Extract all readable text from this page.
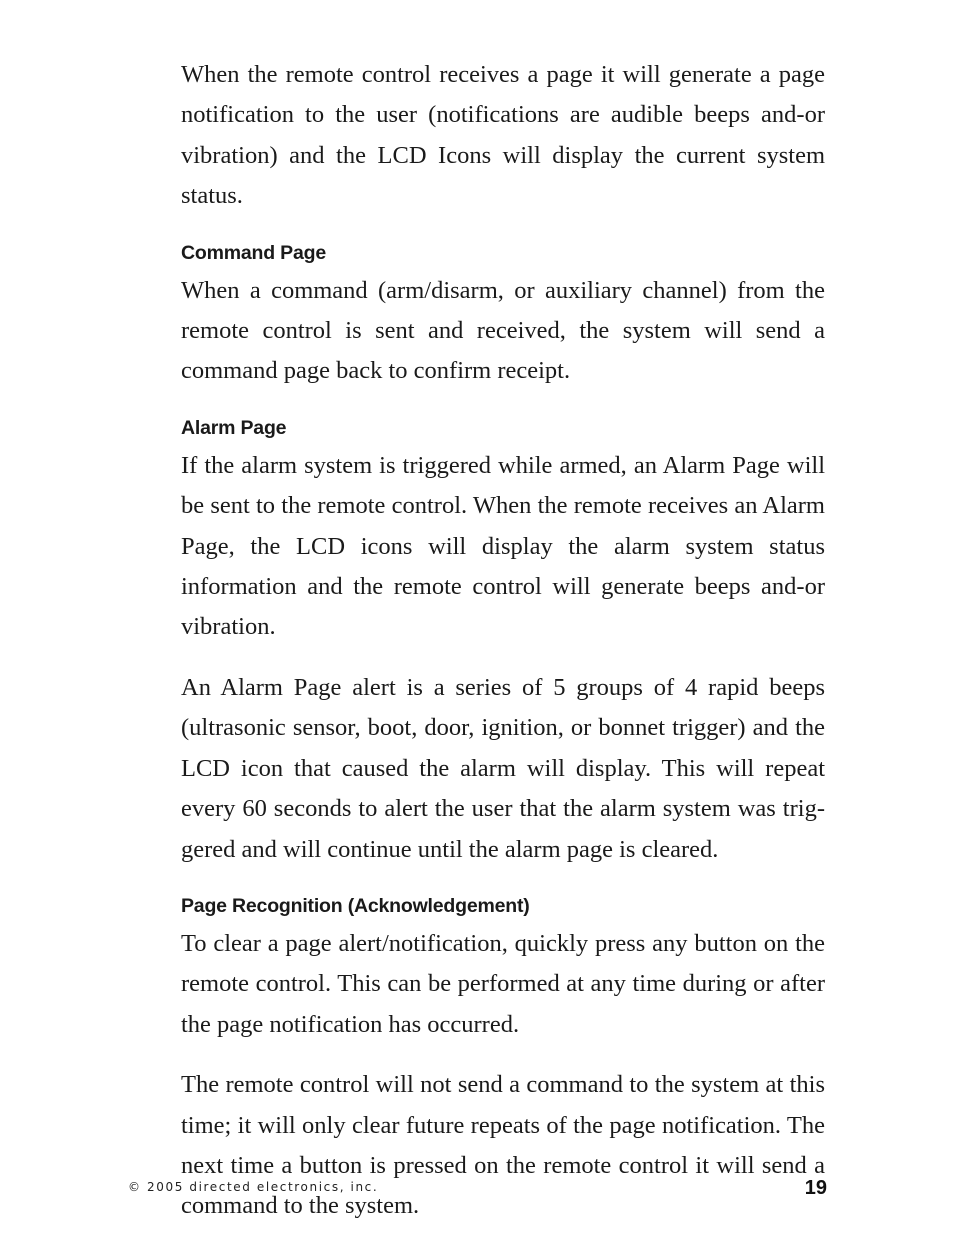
When the remote control receives a page it will generate a page notification to the user (notifications are audible beeps and-or vibration) and the LCD Icons will display the current system status.

Command Page

When a command (arm/disarm, or auxiliary channel) from the remote control is sent and received, the system will send a command page back to confirm receipt.

Alarm Page

If the alarm system is triggered while armed, an Alarm Page will be sent to the remote control. When the remote receives an Alarm Page, the LCD icons will display the alarm system status information and the remote control will generate beeps and-or vibration.

An Alarm Page alert is a series of 5 groups of 4 rapid beeps (ultrasonic sensor, boot, door, ignition, or bonnet trigger) and the LCD icon that caused the alarm will display. This will repeat every 60 seconds to alert the user that the alarm system was triggered and will continue until the alarm page is cleared.

Page Recognition (Acknowledgement)

To clear a page alert/notification, quickly press any button on the remote control. This can be performed at any time during or after the page notification has occurred.

The remote control will not send a command to the system at this time; it will only clear future repeats of the page notification. The next time a button is pressed on the remote control it will send a command to the system.

© 2005 directed electronics, inc.	19
